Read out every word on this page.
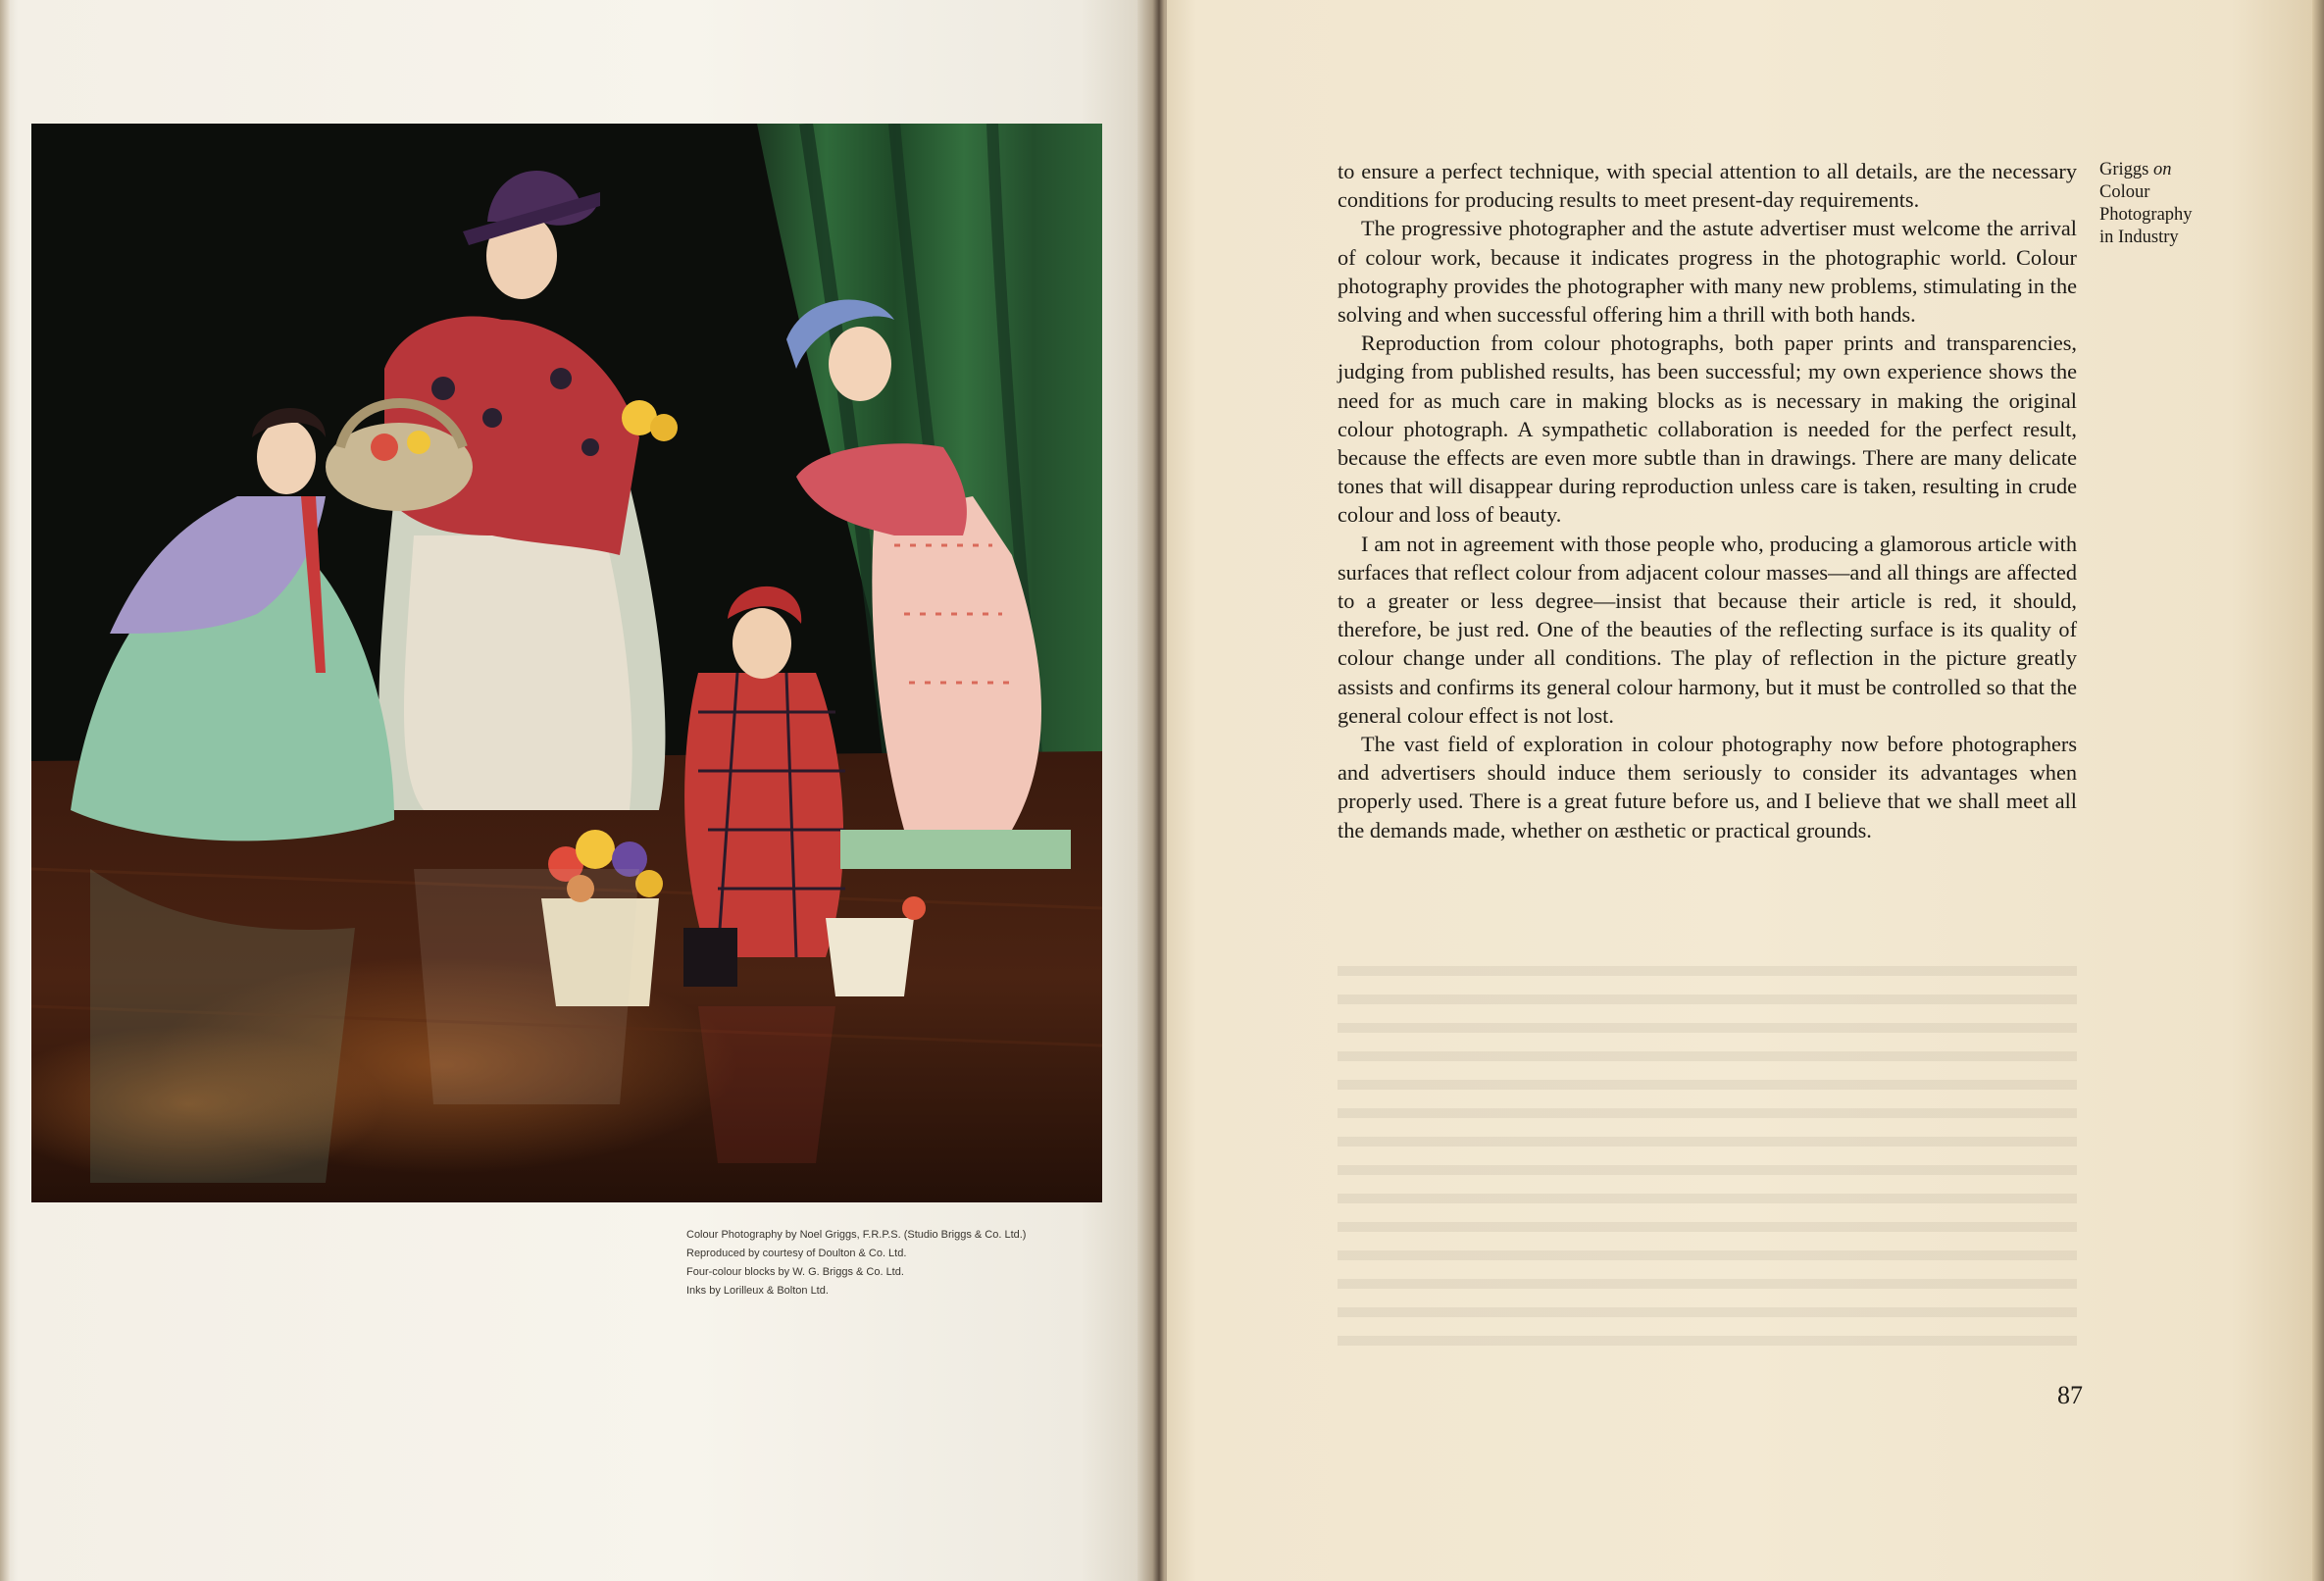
Colour Photography by Noel Griggs, F.R.P.S. (Studio Briggs & Co. Ltd.)
Reproduced by courtesy of Doulton & Co. Ltd.
Four-colour blocks by W. G. Briggs & Co. Ltd.
Inks by Lorilleux & Bolton Ltd.
Griggs on
Colour
Photography
in Industry

to ensure a perfect technique, with special attention to all details, are the necessary conditions for producing results to meet present-day requirements.

The progressive photographer and the astute advertiser must welcome the arrival of colour work, because it indicates progress in the photographic world. Colour photography provides the photographer with many new problems, stimulating in the solving and when successful offering him a thrill with both hands.

Reproduction from colour photographs, both paper prints and transparencies, judging from published results, has been successful; my own experience shows the need for as much care in making blocks as is necessary in making the original colour photograph. A sympathetic collaboration is needed for the perfect result, because the effects are even more subtle than in drawings. There are many delicate tones that will disappear during reproduction unless care is taken, resulting in crude colour and loss of beauty.

I am not in agreement with those people who, producing a glamorous article with surfaces that reflect colour from adjacent colour masses—and all things are affected to a greater or less degree—insist that because their article is red, it should, therefore, be just red. One of the beauties of the reflecting surface is its quality of colour change under all conditions. The play of reflection in the picture greatly assists and confirms its general colour harmony, but it must be controlled so that the general colour effect is not lost.

The vast field of exploration in colour photography now before photographers and advertisers should induce them seriously to consider its advantages when properly used. There is a great future before us, and I believe that we shall meet all the demands made, whether on æsthetic or practical grounds.

87
